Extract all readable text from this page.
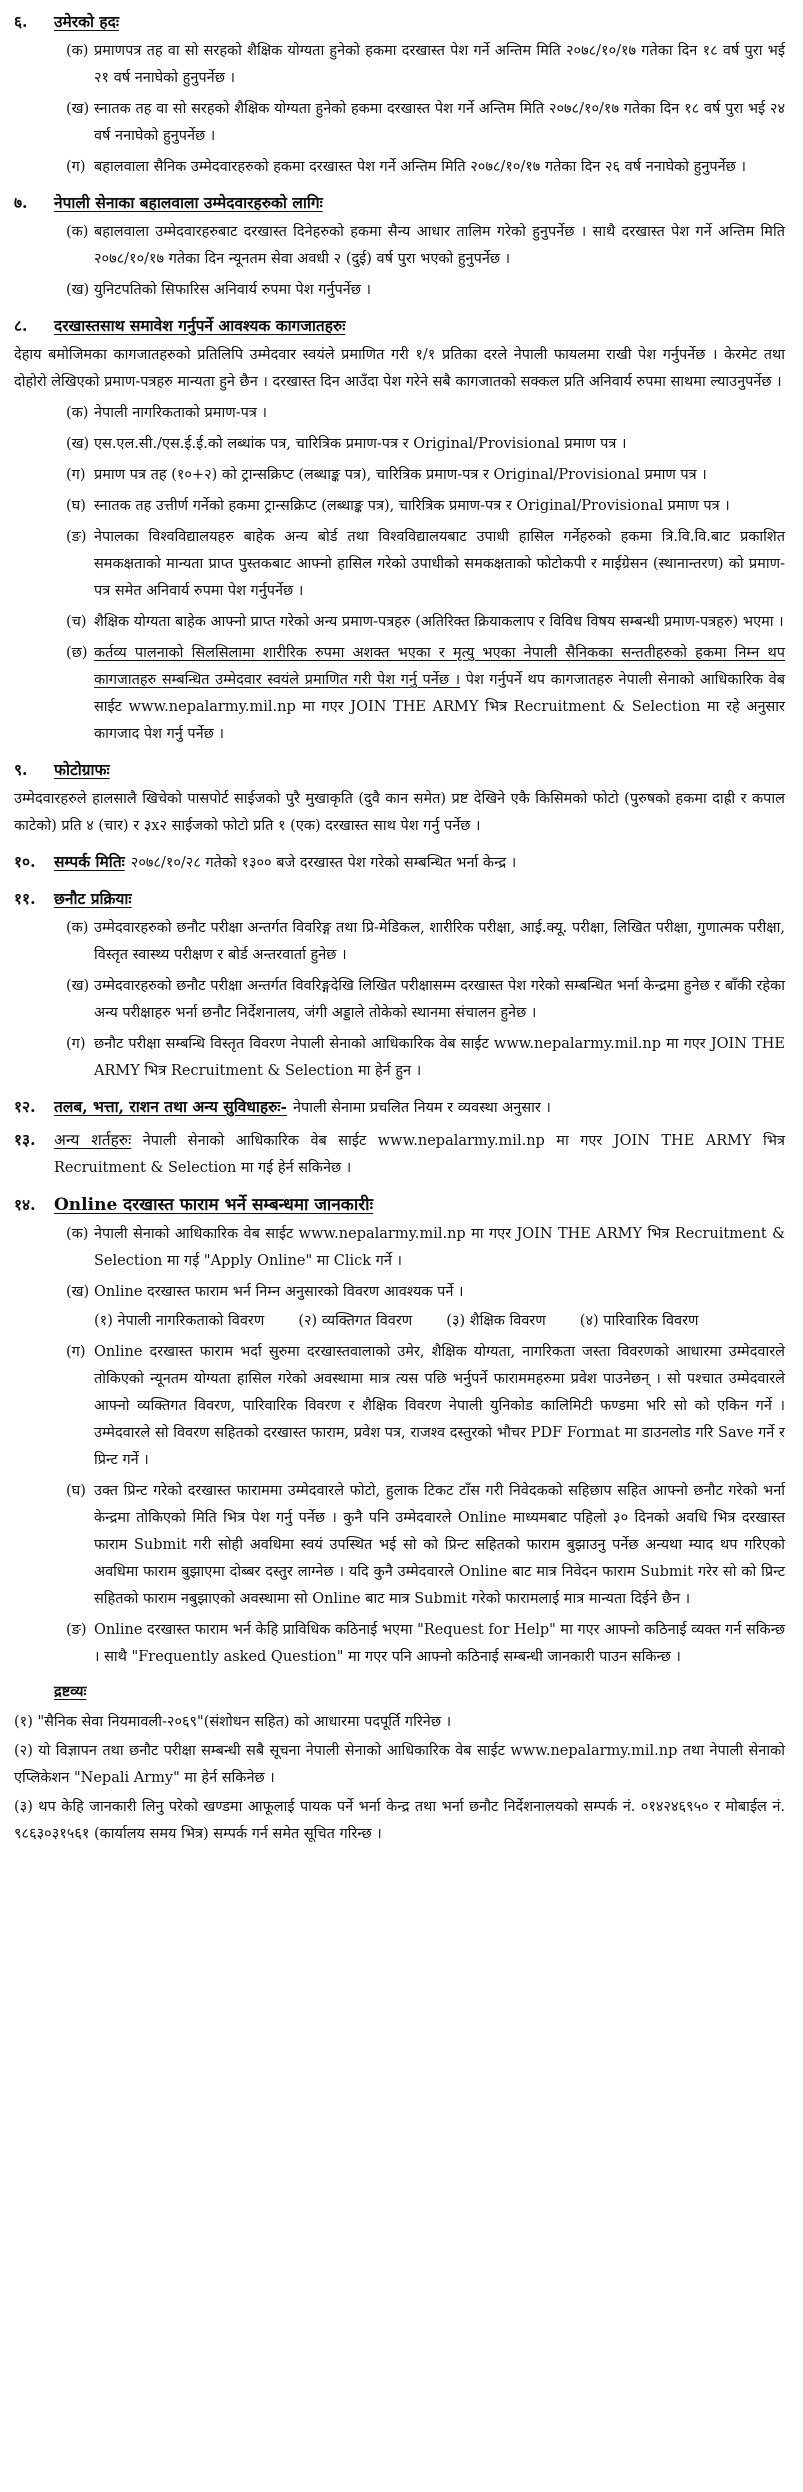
६.	उमेरको हदः
(क) प्रमाणपत्र तह वा सो सरहको शैक्षिक योग्यता हुनेको हकमा दरखास्त पेश गर्ने अन्तिम मिति २०७८/१०/१७ गतेका दिन १८ वर्ष पुरा भई २१ वर्ष ननाघेको हुनुपर्नेछ ।
(ख) स्नातक तह वा सो सरहको शैक्षिक योग्यता हुनेको हकमा दरखास्त पेश गर्ने अन्तिम मिति २०७८/१०/१७ गतेका दिन १८ वर्ष पुरा भई २४ वर्ष ननाघेको हुनुपर्नेछ ।
(ग) बहालवाला सैनिक उम्मेदवारहरुको हकमा दरखास्त पेश गर्ने अन्तिम मिति २०७८/१०/१७ गतेका दिन २६ वर्ष ननाघेको हुनुपर्नेछ ।
७.	नेपाली सेनाका बहालवाला उम्मेदवारहरुको लागिः
(क) बहालवाला उम्मेदवारहरुबाट दरखास्त दिनेहरुको हकमा सैन्य आधार तालिम गरेको हुनुपर्नेछ । साथै दरखास्त पेश गर्ने अन्तिम मिति २०७८/१०/१७ गतेका दिन न्यूनतम सेवा अवधी २ (दुई) वर्ष पुरा भएको हुनुपर्नेछ ।
(ख) युनिटपतिको सिफारिस अनिवार्य रुपमा पेश गर्नुपर्नेछ ।
८.	दरखास्तसाथ समावेश गर्नुपर्ने आवश्यक कागजातहरुः
देहाय बमोजिमका कागजातहरुको प्रतिलिपि उम्मेदवार स्वयंले प्रमाणित गरी १/१ प्रतिका दरले नेपाली फायलमा राखी पेश गर्नुपर्नेछ । केरमेट तथा दोहोरो लेखिएको प्रमाण-पत्रहरु मान्यता हुने छैन । दरखास्त दिन आउँदा पेश गरेने सबै कागजातको सक्कल प्रति अनिवार्य रुपमा साथमा ल्याउनुपर्नेछ ।
(क) नेपाली नागरिकताको प्रमाण-पत्र ।
(ख) एस.एल.सी./एस.ई.ई.को लब्धांक पत्र, चारित्रिक प्रमाण-पत्र र Original/Provisional प्रमाण पत्र ।
(ग) प्रमाण पत्र तह (१०+२) को ट्रान्सक्रिप्ट (लब्धाङ्क पत्र), चारित्रिक प्रमाण-पत्र र Original/Provisional प्रमाण पत्र ।
(घ) स्नातक तह उत्तीर्ण गर्नेको हकमा ट्रान्सक्रिप्ट (लब्धाङ्क पत्र), चारित्रिक प्रमाण-पत्र र Original/Provisional प्रमाण पत्र ।
(ङ) नेपालका विश्वविद्यालयहरु बाहेक अन्य बोर्ड तथा विश्वविद्यालयबाट उपाधी हासिल गर्नेहरुको हकमा त्रि.वि.वि.बाट प्रकाशित समकक्षताको मान्यता प्राप्त पुस्तकबाट आफ्नो हासिल गरेको उपाधीको समकक्षताको फोटोकपी र माईग्रेसन (स्थानान्तरण) को प्रमाण-पत्र समेत अनिवार्य रुपमा पेश गर्नुपर्नेछ ।
(च) शैक्षिक योग्यता बाहेक आफ्नो प्राप्त गरेको अन्य प्रमाण-पत्रहरु (अतिरिक्त क्रियाकलाप र विविध विषय सम्बन्धी प्रमाण-पत्रहरु) भएमा ।
(छ) कर्तव्य पालनाको सिलसिलामा शारीरिक रुपमा अशक्त भएका र मृत्यु भएका नेपाली सैनिकका सन्ततीहरुको हकमा निम्न थप कागजातहरु सम्बन्धित उम्मेदवार स्वयंले प्रमाणित गरी पेश गर्नु पर्नेछ । पेश गर्नुपर्ने थप कागजातहरु नेपाली सेनाको आधिकारिक वेब साईट www.nepalarmy.mil.np मा गएर JOIN THE ARMY भित्र Recruitment & Selection मा रहे अनुसार कागजाद पेश गर्नु पर्नेछ ।
९.	फोटोग्राफः
उम्मेदवारहरुले हालसालै खिचेको पासपोर्ट साईजको पुरै मुखाकृति (दुवै कान समेत) प्रष्ट देखिने एकै किसिमको फोटो (पुरुषको हकमा दाह्री र कपाल काटेको) प्रति ४ (चार) र ३x२ साईजको फोटो प्रति १ (एक) दरखास्त साथ पेश गर्नु पर्नेछ ।
१०.	सम्पर्क मितिः २०७८/१०/२८ गतेको १३०० बजे दरखास्त पेश गरेको सम्बन्धित भर्ना केन्द्र ।
११.	छनौट प्रक्रियाः
(क) उम्मेदवारहरुको छनौट परीक्षा अन्तर्गत विवरिङ्ग तथा प्रि-मेडिकल, शारीरिक परीक्षा, आई.क्यू. परीक्षा, लिखित परीक्षा, गुणात्मक परीक्षा, विस्तृत स्वास्थ्य परीक्षण र बोर्ड अन्तरवार्ता हुनेछ ।
(ख) उम्मेदवारहरुको छनौट परीक्षा अन्तर्गत विवरिङ्गदेखि लिखित परीक्षासम्म दरखास्त पेश गरेको सम्बन्धित भर्ना केन्द्रमा हुनेछ र बाँकी रहेका अन्य परीक्षाहरु भर्ना छनौट निर्देशनालय, जंगी अड्डाले तोकेको स्थानमा संचालन हुनेछ ।
(ग) छनौट परीक्षा सम्बन्धि विस्तृत विवरण नेपाली सेनाको आधिकारिक वेब साईट www.nepalarmy.mil.np मा गएर JOIN THE ARMY भित्र Recruitment & Selection मा हेर्न हुन ।
१२.	तलब, भत्ता, राशन तथा अन्य सुविधाहरुः- नेपाली सेनामा प्रचलित नियम र व्यवस्था अनुसार ।
१३.	अन्य शर्तहरुः नेपाली सेनाको आधिकारिक वेब साईट www.nepalarmy.mil.np मा गएर JOIN THE ARMY भित्र Recruitment & Selection मा गई हेर्न सकिनेछ ।
१४.	Online दरखास्त फाराम भर्ने सम्बन्धमा जानकारीः
(क) नेपाली सेनाको आधिकारिक वेब साईट www.nepalarmy.mil.np मा गएर JOIN THE ARMY भित्र Recruitment & Selection मा गई "Apply Online" मा Click गर्ने ।
(ख) Online दरखास्त फाराम भर्न निम्न अनुसारको विवरण आवश्यक पर्ने ।
(१) नेपाली नागरिकताको विवरण (२) व्यक्तिगत विवरण (३) शैक्षिक विवरण (४) पारिवारिक विवरण
(ग) Online दरखास्त फाराम भर्दा सुरुमा दरखास्तवालाको उमेर, शैक्षिक योग्यता, नागरिकता जस्ता विवरणको आधारमा उम्मेदवारले तोकिएको न्यूनतम योग्यता हासिल गरेको अवस्थामा मात्र त्यस पछि भर्नुपर्ने फाराममहरुमा प्रवेश पाउनेछन् । सो पश्चात उम्मेदवारले आफ्नो व्यक्तिगत विवरण, पारिवारिक विवरण र शैक्षिक विवरण नेपाली युनिकोड कालिमिटी फण्डमा भरि सो को एकिन गर्ने । उम्मेदवारले सो विवरण सहितको दरखास्त फाराम, प्रवेश पत्र, राजश्व दस्तुरको भौचर PDF Format मा डाउनलोड गरि Save गर्ने र प्रिन्ट गर्ने ।
(घ) उक्त प्रिन्ट गरेको दरखास्त फाराममा उम्मेदवारले फोटो, हुलाक टिकट टाँस गरी निवेदकको सहिछाप सहित आफ्नो छनौट गरेको भर्ना केन्द्रमा तोकिएको मिति भित्र पेश गर्नु पर्नेछ । कुनै पनि उम्मेदवारले Online माध्यमबाट पहिलो ३० दिनको अवधि भित्र दरखास्त फाराम Submit गरी सोही अवधिमा स्वयं उपस्थित भई सो को प्रिन्ट सहितको फाराम बुझाउनु पर्नेछ अन्यथा म्याद थप गरिएको अवधिमा फाराम बुझाएमा दोब्बर दस्तुर लाग्नेछ । यदि कुनै उम्मेदवारले Online बाट मात्र निवेदन फाराम Submit गरेर सो को प्रिन्ट सहितको फाराम नबुझाएको अवस्थामा सो Online बाट मात्र Submit गरेको फारामलाई मात्र मान्यता दिईने छैन ।
(ङ) Online दरखास्त फाराम भर्न केहि प्राविधिक कठिनाई भएमा "Request for Help" मा गएर आफ्नो कठिनाई व्यक्त गर्न सकिन्छ । साथै "Frequently asked Question" मा गएर पनि आफ्नो कठिनाई सम्बन्धी जानकारी पाउन सकिन्छ ।
द्रष्टव्यः
(१) "सैनिक सेवा नियमावली-२०६९"(संशोधन सहित) को आधारमा पदपूर्ति गरिनेछ ।
(२) यो विज्ञापन तथा छनौट परीक्षा सम्बन्धी सबै सूचना नेपाली सेनाको आधिकारिक वेब साईट www.nepalarmy.mil.np तथा नेपाली सेनाको एप्लिकेशन "Nepali Army" मा हेर्न सकिनेछ ।
(३) थप केहि जानकारी लिनु परेको खण्डमा आफूलाई पायक पर्ने भर्ना केन्द्र तथा भर्ना छनौट निर्देशनालयको सम्पर्क नं. ०१४२४६९५० र मोबाईल नं. ९८६३०३१५६१ (कार्यालय समय भित्र) सम्पर्क गर्न समेत सूचित गरिन्छ ।
